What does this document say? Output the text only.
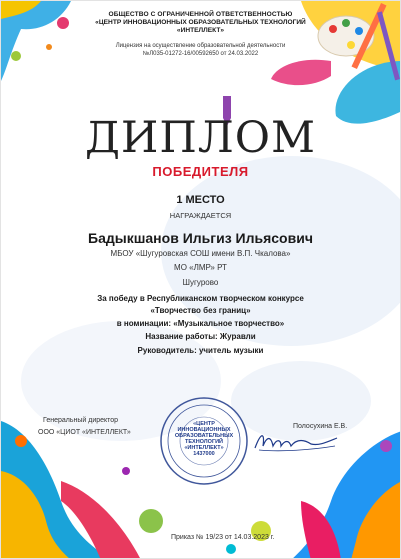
ОБЩЕСТВО С ОГРАНИЧЕННОЙ ОТВЕТСТВЕННОСТЬЮ
«ЦЕНТР ИННОВАЦИОННЫХ ОБРАЗОВАТЕЛЬНЫХ ТЕХНОЛОГИЙ
«ИНТЕЛЛЕКТ»
Лицензия на осуществление образовательной деятельности
№Л035-01272-16/00592650 от 24.03.2022
ДИПЛОМ
ПОБЕДИТЕЛЯ
1 МЕСТО
НАГРАЖДАЕТСЯ
Бадыкшанов Ильгиз Ильясович
МБОУ «Шугуровская СОШ имени В.П. Чкалова»
МО «ЛМР» РТ
Шугурово
За победу в Республиканском творческом конкурсе
«Творчество без границ»
в номинации: «Музыкальное творчество»
Название работы: Журавли
Руководитель: учитель музыки
Генеральный директор
ООО «ЦИОТ «ИНТЕЛЛЕКТ»
Полосухина Е.В.
«ЦЕНТР
ИННОВАЦИОННЫХ
ОБРАЗОВАТЕЛЬНЫХ
ТЕХНОЛОГИЙ
«ИНТЕЛЛЕКТ»
1437000
Приказ № 19/23 от 14.03.2023 г.
